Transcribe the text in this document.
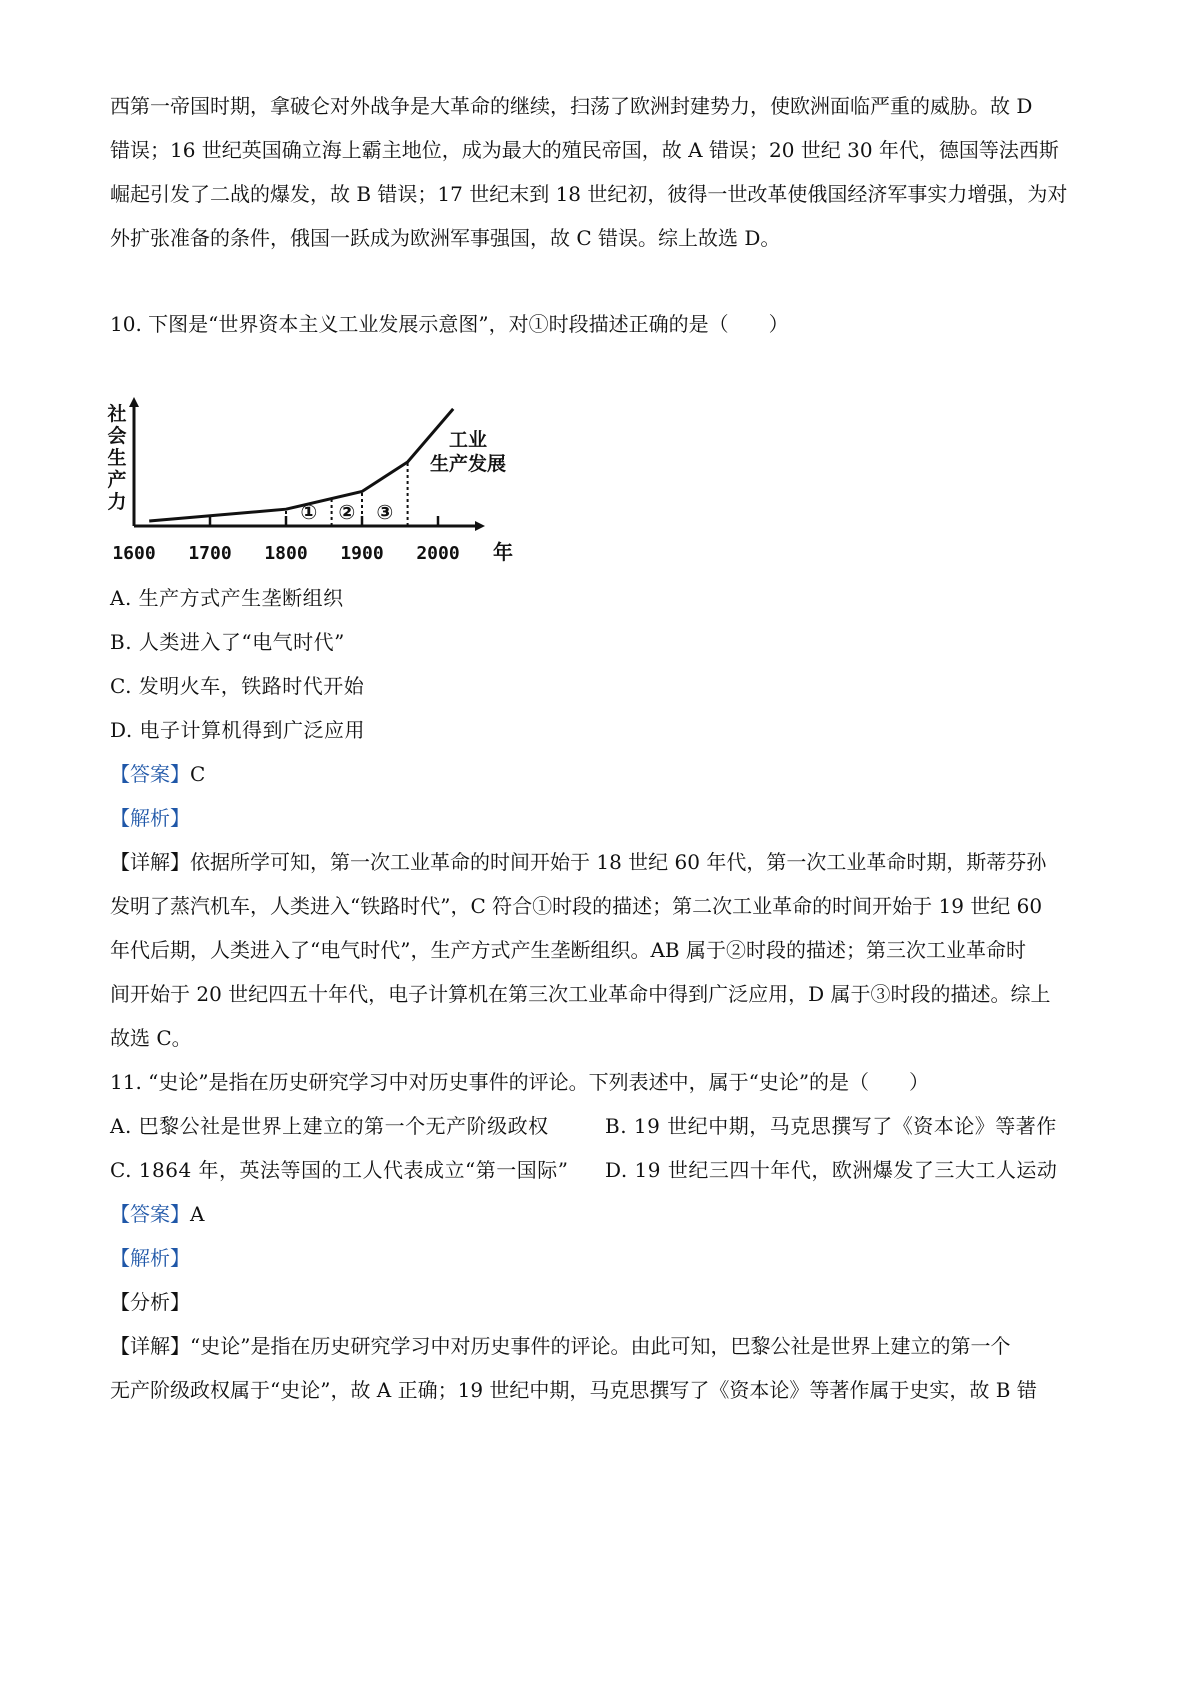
西第一帝国时期，拿破仑对外战争是大革命的继续，扫荡了欧洲封建势力，使欧洲面临严重的威胁。故 D
错误；16 世纪英国确立海上霸主地位，成为最大的殖民帝国，故 A 错误；20 世纪 30 年代，德国等法西斯
崛起引发了二战的爆发，故 B 错误；17 世纪末到 18 世纪初，彼得一世改革使俄国经济军事实力增强，为对
外扩张准备的条件，俄国一跃成为欧洲军事强国，故 C 错误。综上故选 D。
10. 下图是“世界资本主义工业发展示意图”，对①时段描述正确的是（　　）
1600 1700 1800 1900 2000 年
社
会
生
产
力	① ② ③
工业
生产发展
A. 生产方式产生垄断组织
B. 人类进入了“电气时代”
C. 发明火车，铁路时代开始
D. 电子计算机得到广泛应用
【答案】C
【解析】
【详解】依据所学可知，第一次工业革命的时间开始于 18 世纪 60 年代，第一次工业革命时期，斯蒂芬孙
发明了蒸汽机车，人类进入“铁路时代”，C 符合①时段的描述；第二次工业革命的时间开始于 19 世纪 60
年代后期，人类进入了“电气时代”，生产方式产生垄断组织。AB 属于②时段的描述；第三次工业革命时
间开始于 20 世纪四五十年代，电子计算机在第三次工业革命中得到广泛应用，D 属于③时段的描述。综上
故选 C。
11. “史论”是指在历史研究学习中对历史事件的评论。下列表述中，属于“史论”的是（　　）
A. 巴黎公社是世界上建立的第一个无产阶级政权	B. 19 世纪中期，马克思撰写了《资本论》等著作
C. 1864 年，英法等国的工人代表成立“第一国际” D. 19 世纪三四十年代，欧洲爆发了三大工人运动
【答案】A
【解析】
【分析】
【详解】“史论”是指在历史研究学习中对历史事件的评论。由此可知，巴黎公社是世界上建立的第一个
无产阶级政权属于“史论”，故 A 正确；19 世纪中期，马克思撰写了《资本论》等著作属于史实，故 B 错
